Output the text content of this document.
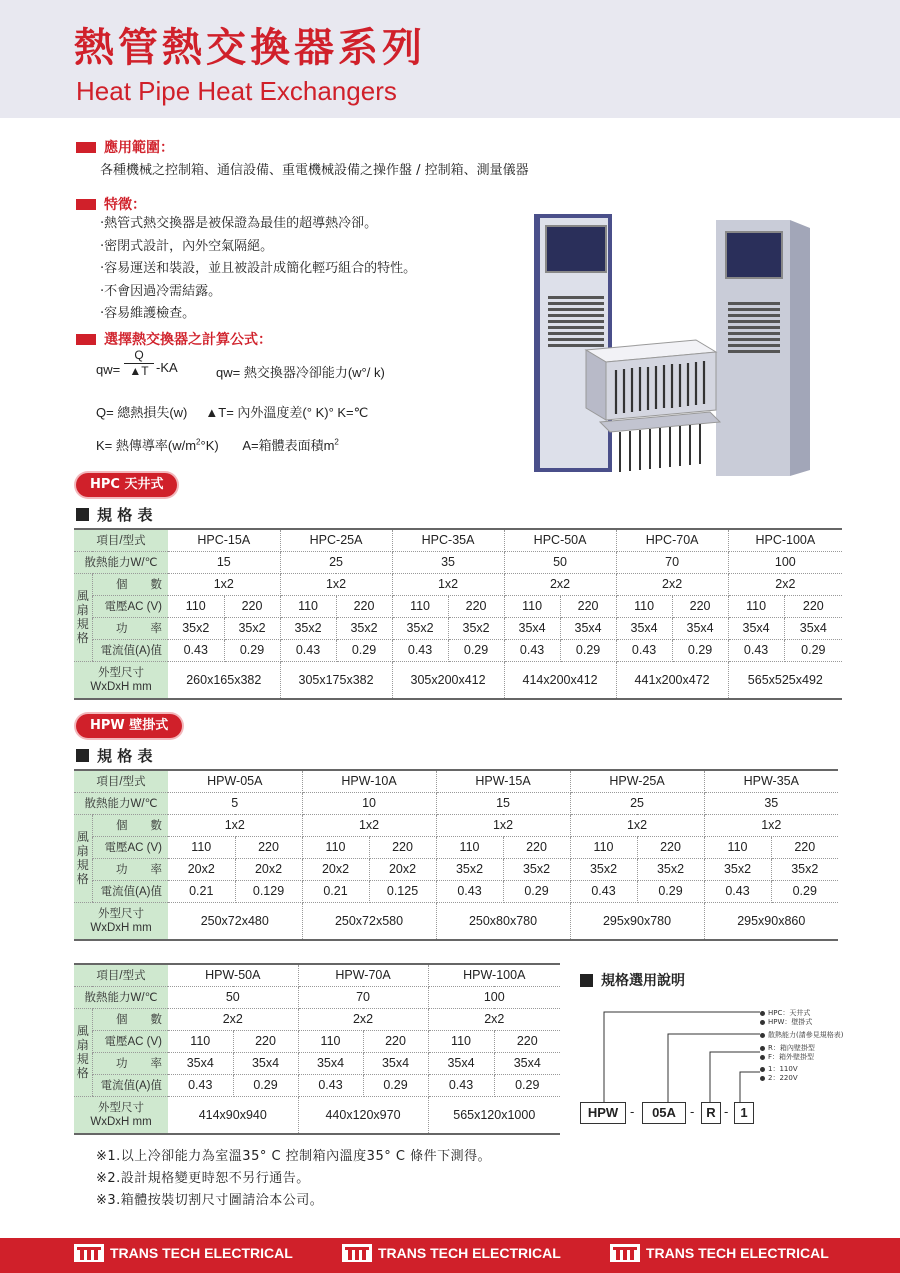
熱管熱交換器系列
Heat Pipe Heat Exchangers
應用範圍：
各種機械之控制箱、通信設備、重電機械設備之操作盤 / 控制箱、測量儀器
特徵：
‧熱管式熱交換器是被保證為最佳的超導熱冷卻。
‧密閉式設計，內外空氣隔絕。
‧容易運送和裝設，並且被設計成簡化輕巧組合的特性。
‧不會因過冷需結露。
‧容易維護檢查。
選擇熱交換器之計算公式：
$qw= \frac{Q}{▲T} -KA$	qw= 熱交換器冷卻能力(w°/ k)
Q= 總熱損失(w)     ▲T= 內外溫度差(° K)° K=℃
K= 熱傳導率$(w/m^2^\circ K)$ A=箱體表面積$m^2$
HPC 天井式
規 格 表
項目/型式		HPC-15A		HPC-25A		HPC-35A		HPC-50A		HPC-70A		HPC-100A	
散熱能力W/℃		15		25		35		50		70		100	

風
扇
規
格	個　　數	1x2		1x2		1x2		2x2		2x2		2x2	
	電壓AC (V)	110	220	110	220	110	220	110	220	110	220	110	220
	功　　率	35x2	35x2	35x2	35x2	35x2	35x2	35x4	35x4	35x4	35x4	35x4	35x4
	電流值(A)值	0.43	0.29	0.43	0.29	0.43	0.29	0.43	0.29	0.43	0.29	0.43	0.29

外型尺寸
WxDxH mm		260x165x382		305x175x382		305x200x412		414x200x412		441x200x472		565x525x492	
HPW 壁掛式
規 格 表
項目/型式		HPW-05A		HPW-10A		HPW-15A		HPW-25A		HPW-35A	
散熱能力W/℃		5		10		15		25		35	

風
扇
規
格	個　　數	1x2		1x2		1x2		1x2		1x2	
	電壓AC (V)	110	220	110	220	110	220	110	220	110	220
	功　　率	20x2	20x2	20x2	20x2	35x2	35x2	35x2	35x2	35x2	35x2
	電流值(A)值	0.21	0.129	0.21	0.125	0.43	0.29	0.43	0.29	0.43	0.29

外型尺寸
WxDxH mm		250x72x480		250x72x580		250x80x780		295x90x780		295x90x860	
項目/型式		HPW-50A		HPW-70A		HPW-100A	
散熱能力W/℃		50		70		100	

風
扇
規
格	個　　數	2x2		2x2		2x2	
	電壓AC (V)	110	220	110	220	110	220
	功　　率	35x4	35x4	35x4	35x4	35x4	35x4
	電流值(A)值	0.43	0.29	0.43	0.29	0.43	0.29

外型尺寸
WxDxH mm		414x90x940		440x120x970		565x120x1000	
規格選用說明
HPW -	05A	- R - 1
HPC：天井式
HPW：壁掛式
散熱能力(請參見規格表)
R：箱內壁掛型
F：箱外壁掛型
1：110V
2：220V
※1.以上冷卻能力為室溫35° C 控制箱內溫度35° C 條件下測得。
※2.設計規格變更時恕不另行通告。
※3.箱體按裝切割尺寸圖請洽本公司。
TRANS TECH ELECTRICAL	TRANS TECH ELECTRICAL	TRANS TECH ELECTRICAL
